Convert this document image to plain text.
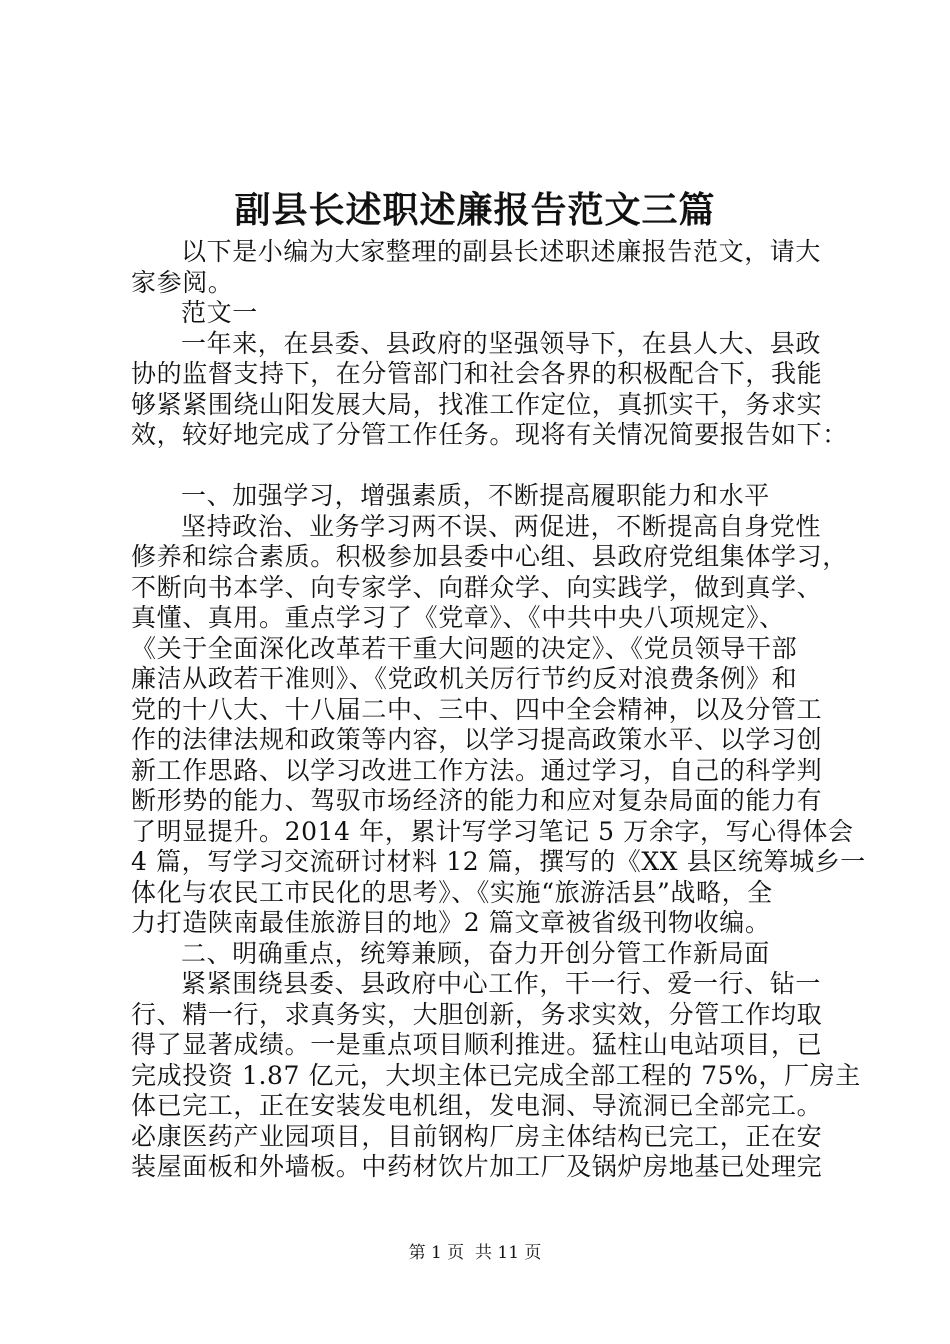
副县长述职述廉报告范文三篇
以下是小编为大家整理的副县长述职述廉报告范文，请大
家参阅。
范文一
一年来，在县委、县政府的坚强领导下，在县人大、县政
协的监督支持下，在分管部门和社会各界的积极配合下，我能
够紧紧围绕山阳发展大局，找准工作定位，真抓实干，务求实
效，较好地完成了分管工作任务。现将有关情况简要报告如下：
一、加强学习，增强素质，不断提高履职能力和水平
坚持政治、业务学习两不误、两促进，不断提高自身党性
修养和综合素质。积极参加县委中心组、县政府党组集体学习，
不断向书本学、向专家学、向群众学、向实践学，做到真学、
真懂、真用。重点学习了《党章》、《中共中央八项规定》、
《关于全面深化改革若干重大问题的决定》、《党员领导干部
廉洁从政若干准则》、《党政机关厉行节约反对浪费条例》和
党的十八大、十八届二中、三中、四中全会精神，以及分管工
作的法律法规和政策等内容，以学习提高政策水平、以学习创
新工作思路、以学习改进工作方法。通过学习，自己的科学判
断形势的能力、驾驭市场经济的能力和应对复杂局面的能力有
了明显提升。2014 年，累计写学习笔记 5 万余字，写心得体会
4 篇，写学习交流研讨材料 12 篇，撰写的《XX 县区统筹城乡一
体化与农民工市民化的思考》、《实施“旅游活县”战略，全
力打造陕南最佳旅游目的地》2 篇文章被省级刊物收编。
二、明确重点，统筹兼顾，奋力开创分管工作新局面
紧紧围绕县委、县政府中心工作，干一行、爱一行、钻一
行、精一行，求真务实，大胆创新，务求实效，分管工作均取
得了显著成绩。一是重点项目顺利推进。猛柱山电站项目，已
完成投资 1.87 亿元，大坝主体已完成全部工程的 75%，厂房主
体已完工，正在安装发电机组，发电洞、导流洞已全部完工。
必康医药产业园项目，目前钢构厂房主体结构已完工，正在安
装屋面板和外墙板。中药材饮片加工厂及锅炉房地基已处理完
第 1 页  共 11 页
